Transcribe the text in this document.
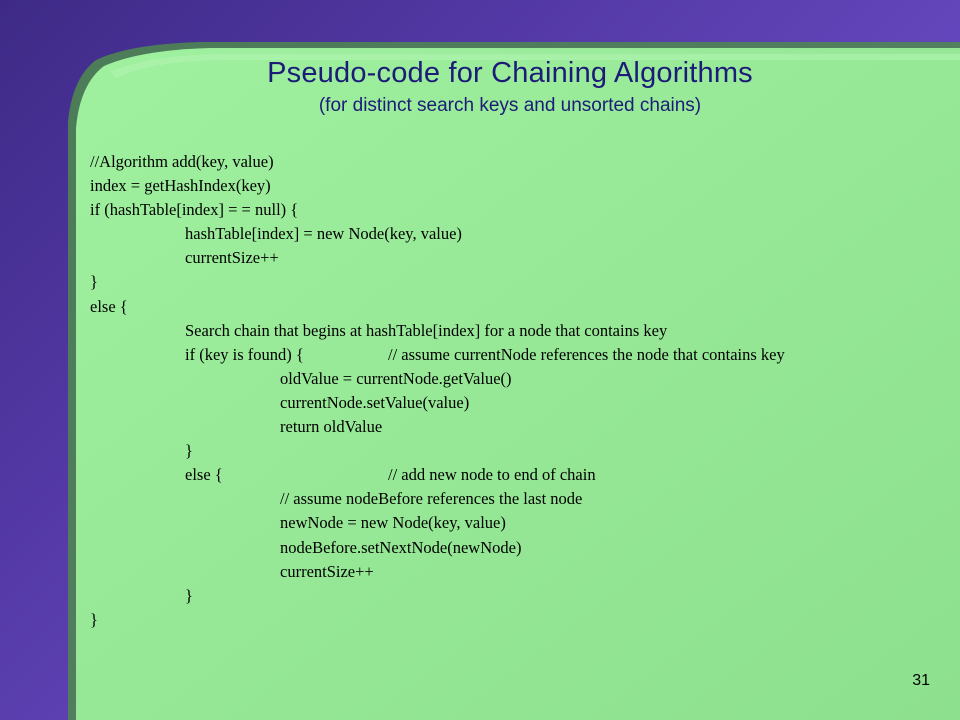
Pseudo-code for Chaining Algorithms
(for distinct search keys and unsorted chains)
//Algorithm add(key, value)
index = getHashIndex(key)
if (hashTable[index] = = null) {
hashTable[index] = new Node(key, value)
currentSize++
}
else {
Search chain that begins at hashTable[index] for a node that contains key
if (key is found) {	// assume currentNode references the node that contains key
oldValue = currentNode.getValue()
currentNode.setValue(value)
return oldValue
}
else {	// add new node to end of chain
// assume nodeBefore references the last node
newNode = new Node(key, value)
nodeBefore.setNextNode(newNode)
currentSize++
}
}
31
